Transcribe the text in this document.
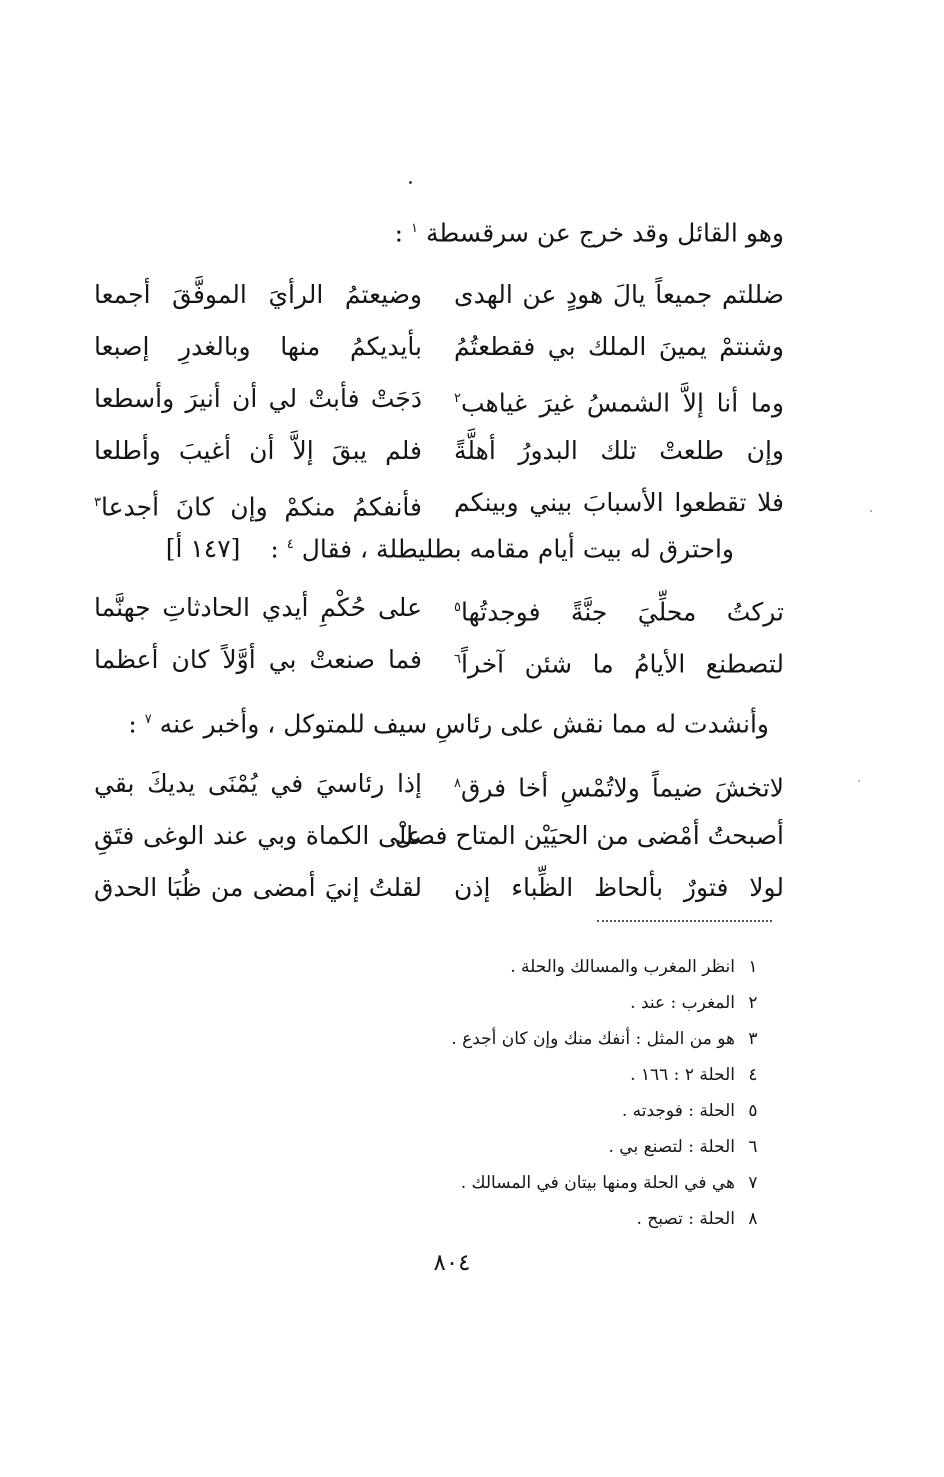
وهو القائل وقد خرج عن سرقسطة $^١$ :
ضللتم جميعاً يالَ هودٍ عن الهدى
وضيعتمُ الرأيَ الموفَّقَ أجمعا
وشنتمْ يمينَ الملك بي فقطعتُمُ
بأيديكمُ منها وبالغدرِ إصبعا
وما أنا إلاَّ الشمسُ غيرَ غياهب$^٢$
دَجَتْ فأبتْ لي أن أنيرَ وأسطعا
وإن طلعتْ تلك البدورُ أهلَّةً
فلم يبقَ إلاَّ أن أغيبَ وأطلعا
فلا تقطعوا الأسبابَ بيني وبينكم
فأنفكمُ منكمْ وإن كانَ أجدعا$^٣$
واحترق له بيت أيام مقامه بطليطلة ، فقال $^٤$ : [١٤٧ أ]
تركتُ محلِّيَ جنَّةً فوجدتُها$^٥$
على حُكْمِ أيدي الحادثاتِ جهنَّما
لتصطنع الأيامُ ما شئن آخراً$^٦$
فما صنعتْ بي أوَّلاً كان أعظما
وأنشدت له مما نقش على رئاسِ سيف للمتوكل ، وأخبر عنه $^٧$ :
لاتخشَ ضيماً ولاتُمْسِ أخا فرق$^٨$
إذا رئاسيَ في يُمْنَى يديكَ بقي
أصبحتُ أمْضى من الحيَيْن المتاح فصلْ
على الكماة وبي عند الوغى فتَقِ
لولا فتورٌ بألحاظ الظِّباء إذن
لقلتُ إنيَ أمضى من ظُبَا الحدق
١
انظر المغرب والمسالك والحلة .
٢
المغرب : عند .
٣
هو من المثل : أنفك منك وإن كان أجدع .
٤
الحلة ٢ : ١٦٦ .
٥
الحلة : فوجدته .
٦
الحلة : لتصنع بي .
٧
هي في الحلة ومنها بيتان في المسالك .
٨
الحلة : تصبح .
٨٠٤
